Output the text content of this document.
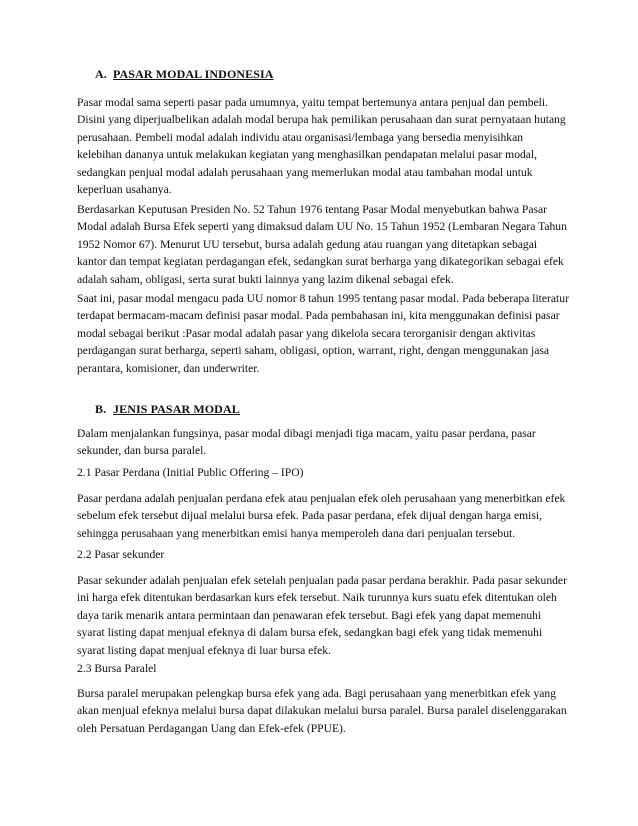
A. PASAR MODAL INDONESIA

Pasar modal sama seperti pasar pada umumnya, yaitu tempat bertemunya antara penjual dan pembeli. Disini yang diperjualbelikan adalah modal berupa hak pemilikan perusahaan dan surat pernyataan hutang perusahaan. Pembeli modal adalah individu atau organisasi/lembaga yang bersedia menyisihkan kelebihan dananya untuk melakukan kegiatan yang menghasilkan pendapatan melalui pasar modal, sedangkan penjual modal adalah perusahaan yang memerlukan modal atau tambahan modal untuk keperluan usahanya.

Berdasarkan Keputusan Presiden No. 52 Tahun 1976 tentang Pasar Modal menyebutkan bahwa Pasar Modal adalah Bursa Efek seperti yang dimaksud dalam UU No. 15 Tahun 1952 (Lembaran Negara Tahun 1952 Nomor 67). Menurut UU tersebut, bursa adalah gedung atau ruangan yang ditetapkan sebagai kantor dan tempat kegiatan perdagangan efek, sedangkan surat berharga yang dikategorikan sebagai efek adalah saham, obligasi, serta surat bukti lainnya yang lazim dikenal sebagai efek.

Saat ini, pasar modal mengacu pada UU nomor 8 tahun 1995 tentang pasar modal. Pada beberapa literatur terdapat bermacam-macam definisi pasar modal. Pada pembahasan ini, kita menggunakan definisi pasar modal sebagai berikut :Pasar modal adalah pasar yang dikelola secara terorganisir dengan aktivitas perdagangan surat berharga, seperti saham, obligasi, option, warrant, right, dengan menggunakan jasa perantara, komisioner, dan underwriter.

B. JENIS PASAR MODAL

Dalam menjalankan fungsinya, pasar modal dibagi menjadi tiga macam, yaitu pasar perdana, pasar sekunder, dan bursa paralel.

2.1 Pasar Perdana (Initial Public Offering – IPO)

Pasar perdana adalah penjualan perdana efek atau penjualan efek oleh perusahaan yang menerbitkan efek sebelum efek tersebut dijual melalui bursa efek. Pada pasar perdana, efek dijual dengan harga emisi, sehingga perusahaan yang menerbitkan emisi hanya memperoleh dana dari penjualan tersebut.

2.2 Pasar sekunder

Pasar sekunder adalah penjualan efek setelah penjualan pada pasar perdana berakhir. Pada pasar sekunder ini harga efek ditentukan berdasarkan kurs efek tersebut. Naik turunnya kurs suatu efek ditentukan oleh daya tarik menarik antara permintaan dan penawaran efek tersebut. Bagi efek yang dapat memenuhi syarat listing dapat menjual efeknya di dalam bursa efek, sedangkan bagi efek yang tidak memenuhi syarat listing dapat menjual efeknya di luar bursa efek.

2.3 Bursa Paralel

Bursa paralel merupakan pelengkap bursa efek yang ada. Bagi perusahaan yang menerbitkan efek yang akan menjual efeknya melalui bursa dapat dilakukan melalui bursa paralel. Bursa paralel diselenggarakan oleh Persatuan Perdagangan Uang dan Efek-efek (PPUE).
